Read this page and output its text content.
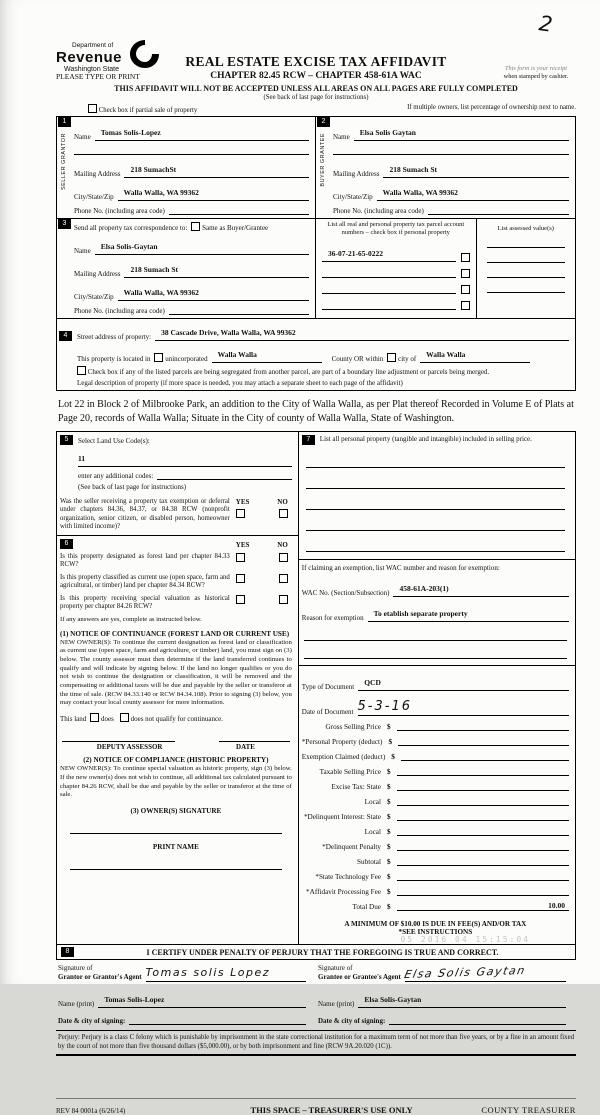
2
Department of
Revenue
Washington State
REAL ESTATE EXCISE TAX AFFIDAVIT
PLEASE TYPE OR PRINT	CHAPTER 82.45 RCW – CHAPTER 458-61A WAC
This form is your receipt
when stamped by cashier.
THIS AFFIDAVIT WILL NOT BE ACCEPTED UNLESS ALL AREAS ON ALL PAGES ARE FULLY COMPLETED
(See back of last page for instructions)
Check box if partial sale of property	If multiple owners, list percentage of ownership next to name.
1
SELLER GRANTOR Name	Tomas Solis-Lopez
Mailing Address	218 SumachSt
City/State/Zip	Walla Walla, WA 99362
Phone No. (including area code)
2
BUYER GRANTEE Name	Elsa Solis Gaytan
Mailing Address	218 Sumach St
City/State/Zip	Walla Walla, WA 99362
Phone No. (including area code)
3
Send all property tax correspondence to:	Same as Buyer/Grantee
Name	Elsa Solis-Gaytan
Mailing Address	218 Sumach St
City/State/Zip	Walla Walla, WA 99362
Phone No. (including area code)
List all real and personal property tax parcel account numbers – check box if personal property
36-07-21-65-0222
List assessed value(s)
4	Street address of property:	38 Cascade Drive, Walla Walla, WA 99362
This property is located in	unincorporated	Walla Walla	County OR within	city of	Walla Walla
Check box if any of the listed parcels are being segregated from another parcel, are part of a boundary line adjustment or parcels being merged.
Legal description of property (if more space is needed, you may attach a separate sheet to each page of the affidavit)
Lot 22 in Block 2 of Milbrooke Park, an addition to the City of Walla Walla, as per Plat thereof Recorded in Volume E of Plats at Page 20, records of Walla Walla; Situate in the City of county of Walla Walla, State of Washington.
5	Select Land Use Code(s):
11
enter any additional codes:
(See back of last page for instructions)
Was the seller receiving a property tax exemption or deferral under chapters 84.36, 84.37, or 84.38 RCW (nonprofit organization, senior citizen, or disabled person, homeowner with limited income)?
YES	NO
6	YES	NO
Is this property designated as forest land per chapter 84.33 RCW?
Is this property classified as current use (open space, farm and agricultural, or timber) land per chapter 84.34 RCW?
Is this property receiving special valuation as historical property per chapter 84.26 RCW?
If any answers are yes, complete as instructed below.
(1) NOTICE OF CONTINUANCE (FOREST LAND OR CURRENT USE)
NEW OWNER(S): To continue the current designation as forest land or classification as current use (open space, farm and agriculture, or timber) land, you must sign on (3) below. The county assessor must then determine if the land transferred continues to qualify and will indicate by signing below. If the land no longer qualifies or you do not wish to continue the designation or classification, it will be removed and the compensating or additional taxes will be due and payable by the seller or transferor at the time of sale. (RCW 84.33.140 or RCW 84.34.108). Prior to signing (3) below, you may contact your local county assessor for more information.
This land	does	does not qualify for continuance.
DEPUTY ASSESSOR	DATE
(2) NOTICE OF COMPLIANCE (HISTORIC PROPERTY)
NEW OWNER(S): To continue special valuation as historic property, sign (3) below. If the new owner(s) does not wish to continue, all additional tax calculated pursuant to chapter 84.26 RCW, shall be due and payable by the seller or transferor at the time of sale.
(3) OWNER(S) SIGNATURE
PRINT NAME
7	List all personal property (tangible and intangible) included in selling price.
If claiming an exemption, list WAC number and reason for exemption:
WAC No. (Section/Subsection)	458-61A-203(1)
Reason for exemption	To etablish separate property
Type of Document	QCD
Date of Document 5-3-16
Gross Selling Price $
*Personal Property (deduct) $
Exemption Claimed (deduct) $
Taxable Selling Price $
Excise Tax: State $
Local $
*Delinquent Interest: State $
Local $
*Delinquent Penalty $
Subtotal $
*State Technology Fee $
*Affidavit Processing Fee $
Total Due $	10.00
A MINIMUM OF $10.00 IS DUE IN FEE(S) AND/OR TAX
*SEE INSTRUCTIONS
8	I CERTIFY UNDER PENALTY OF PERJURY THAT THE FOREGOING IS TRUE AND CORRECT.
Signature of
Grantor or Grantor's Agent Tomas solis Lopez
Name (print)	Tomas Solis-Lopez
Date & city of signing:
Signature of
Grantee or Grantee's Agent Elsa Solis Gaytan
Name (print)	Elsa Solis-Gaytan
Date & city of signing:
Perjury: Perjury is a class C felony which is punishable by imprisonment in the state correctional institution for a maximum term of not more than five years, or by a fine in an amount fixed by the court of not more than five thousand dollars ($5,000.00), or by both imprisonment and fine (RCW 9A.20.020 (1C)).
REV 84 0001a (6/26/14)	THIS SPACE – TREASURER'S USE ONLY	COUNTY TREASURER
05 2016 04 15:15:04
